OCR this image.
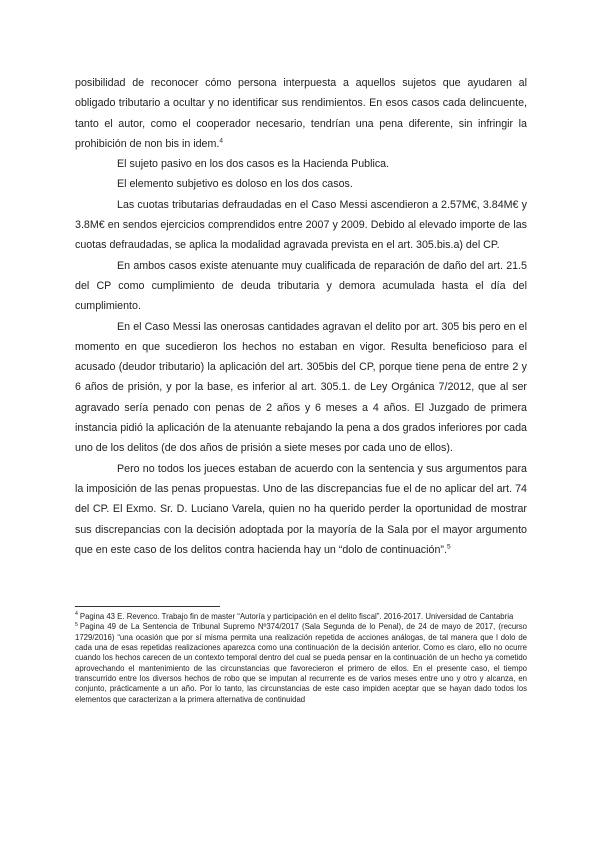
posibilidad de reconocer cómo persona interpuesta a aquellos sujetos que ayudaren al obligado tributario a ocultar y no identificar sus rendimientos. En esos casos cada delincuente, tanto el autor, como el cooperador necesario, tendrían una pena diferente, sin infringir la prohibición de non bis in idem.$^4$

El sujeto pasivo en los dos casos es la Hacienda Publica.

El elemento subjetivo es doloso en los dos casos.

Las cuotas tributarias defraudadas en el Caso Messi ascendieron a 2.57M€, 3.84M€ y 3.8M€ en sendos ejercicios comprendidos entre 2007 y 2009. Debido al elevado importe de las cuotas defraudadas, se aplica la modalidad agravada prevista en el art. 305.bis.a) del CP.

En ambos casos existe atenuante muy cualificada de reparación de daño del art. 21.5 del CP como cumplimiento de deuda tributaria y demora acumulada hasta el día del cumplimiento.

En el Caso Messi las onerosas cantidades agravan el delito por art. 305 bis pero en el momento en que sucedieron los hechos no estaban en vigor. Resulta beneficioso para el acusado (deudor tributario) la aplicación del art. 305bis del CP, porque tiene pena de entre 2 y 6 años de prisión, y por la base, es inferior al art. 305.1. de Ley Orgánica 7/2012, que al ser agravado sería penado con penas de 2 años y 6 meses a 4 años. El Juzgado de primera instancia pidió la aplicación de la atenuante rebajando la pena a dos grados inferiores por cada uno de los delitos (de dos años de prisión a siete meses por cada uno de ellos).

Pero no todos los jueces estaban de acuerdo con la sentencia y sus argumentos para la imposición de las penas propuestas. Uno de las discrepancias fue el de no aplicar del art. 74 del CP. El Exmo. Sr. D. Luciano Varela, quien no ha querido perder la oportunidad de mostrar sus discrepancias con la decisión adoptada por la mayoría de la Sala por el mayor argumento que en este caso de los delitos contra hacienda hay un “dolo de continuación”.$^5$

$^4$ Pagina 43 E. Revenco. Trabajo fin de master “Autoría y participación en el delito fiscal”. 2016-2017. Universidad de Cantabria

$^5$ Pagina 49 de La Sentencia de Tribunal Supremo Nº374/2017 (Sala Segunda de lo Penal), de 24 de mayo de 2017, (recurso 1729/2016) “una ocasión que por sí misma permita una realización repetida de acciones análogas, de tal manera que l dolo de cada una de esas repetidas realizaciones aparezca como una continuación de la decisión anterior. Como es claro, ello no ocurre cuando los hechos carecen de un contexto temporal dentro del cual se pueda pensar en la continuación de un hecho ya cometido aprovechando el mantenimiento de las circunstancias que favorecieron el primero de ellos. En el presente caso, el tiempo transcurrido entre los diversos hechos de robo que se imputan al recurrente es de varios meses entre uno y otro y alcanza, en conjunto, prácticamente a un año. Por lo tanto, las circunstancias de este caso impiden aceptar que se hayan dado todos los elementos que caracterizan a la primera alternativa de continuidad
